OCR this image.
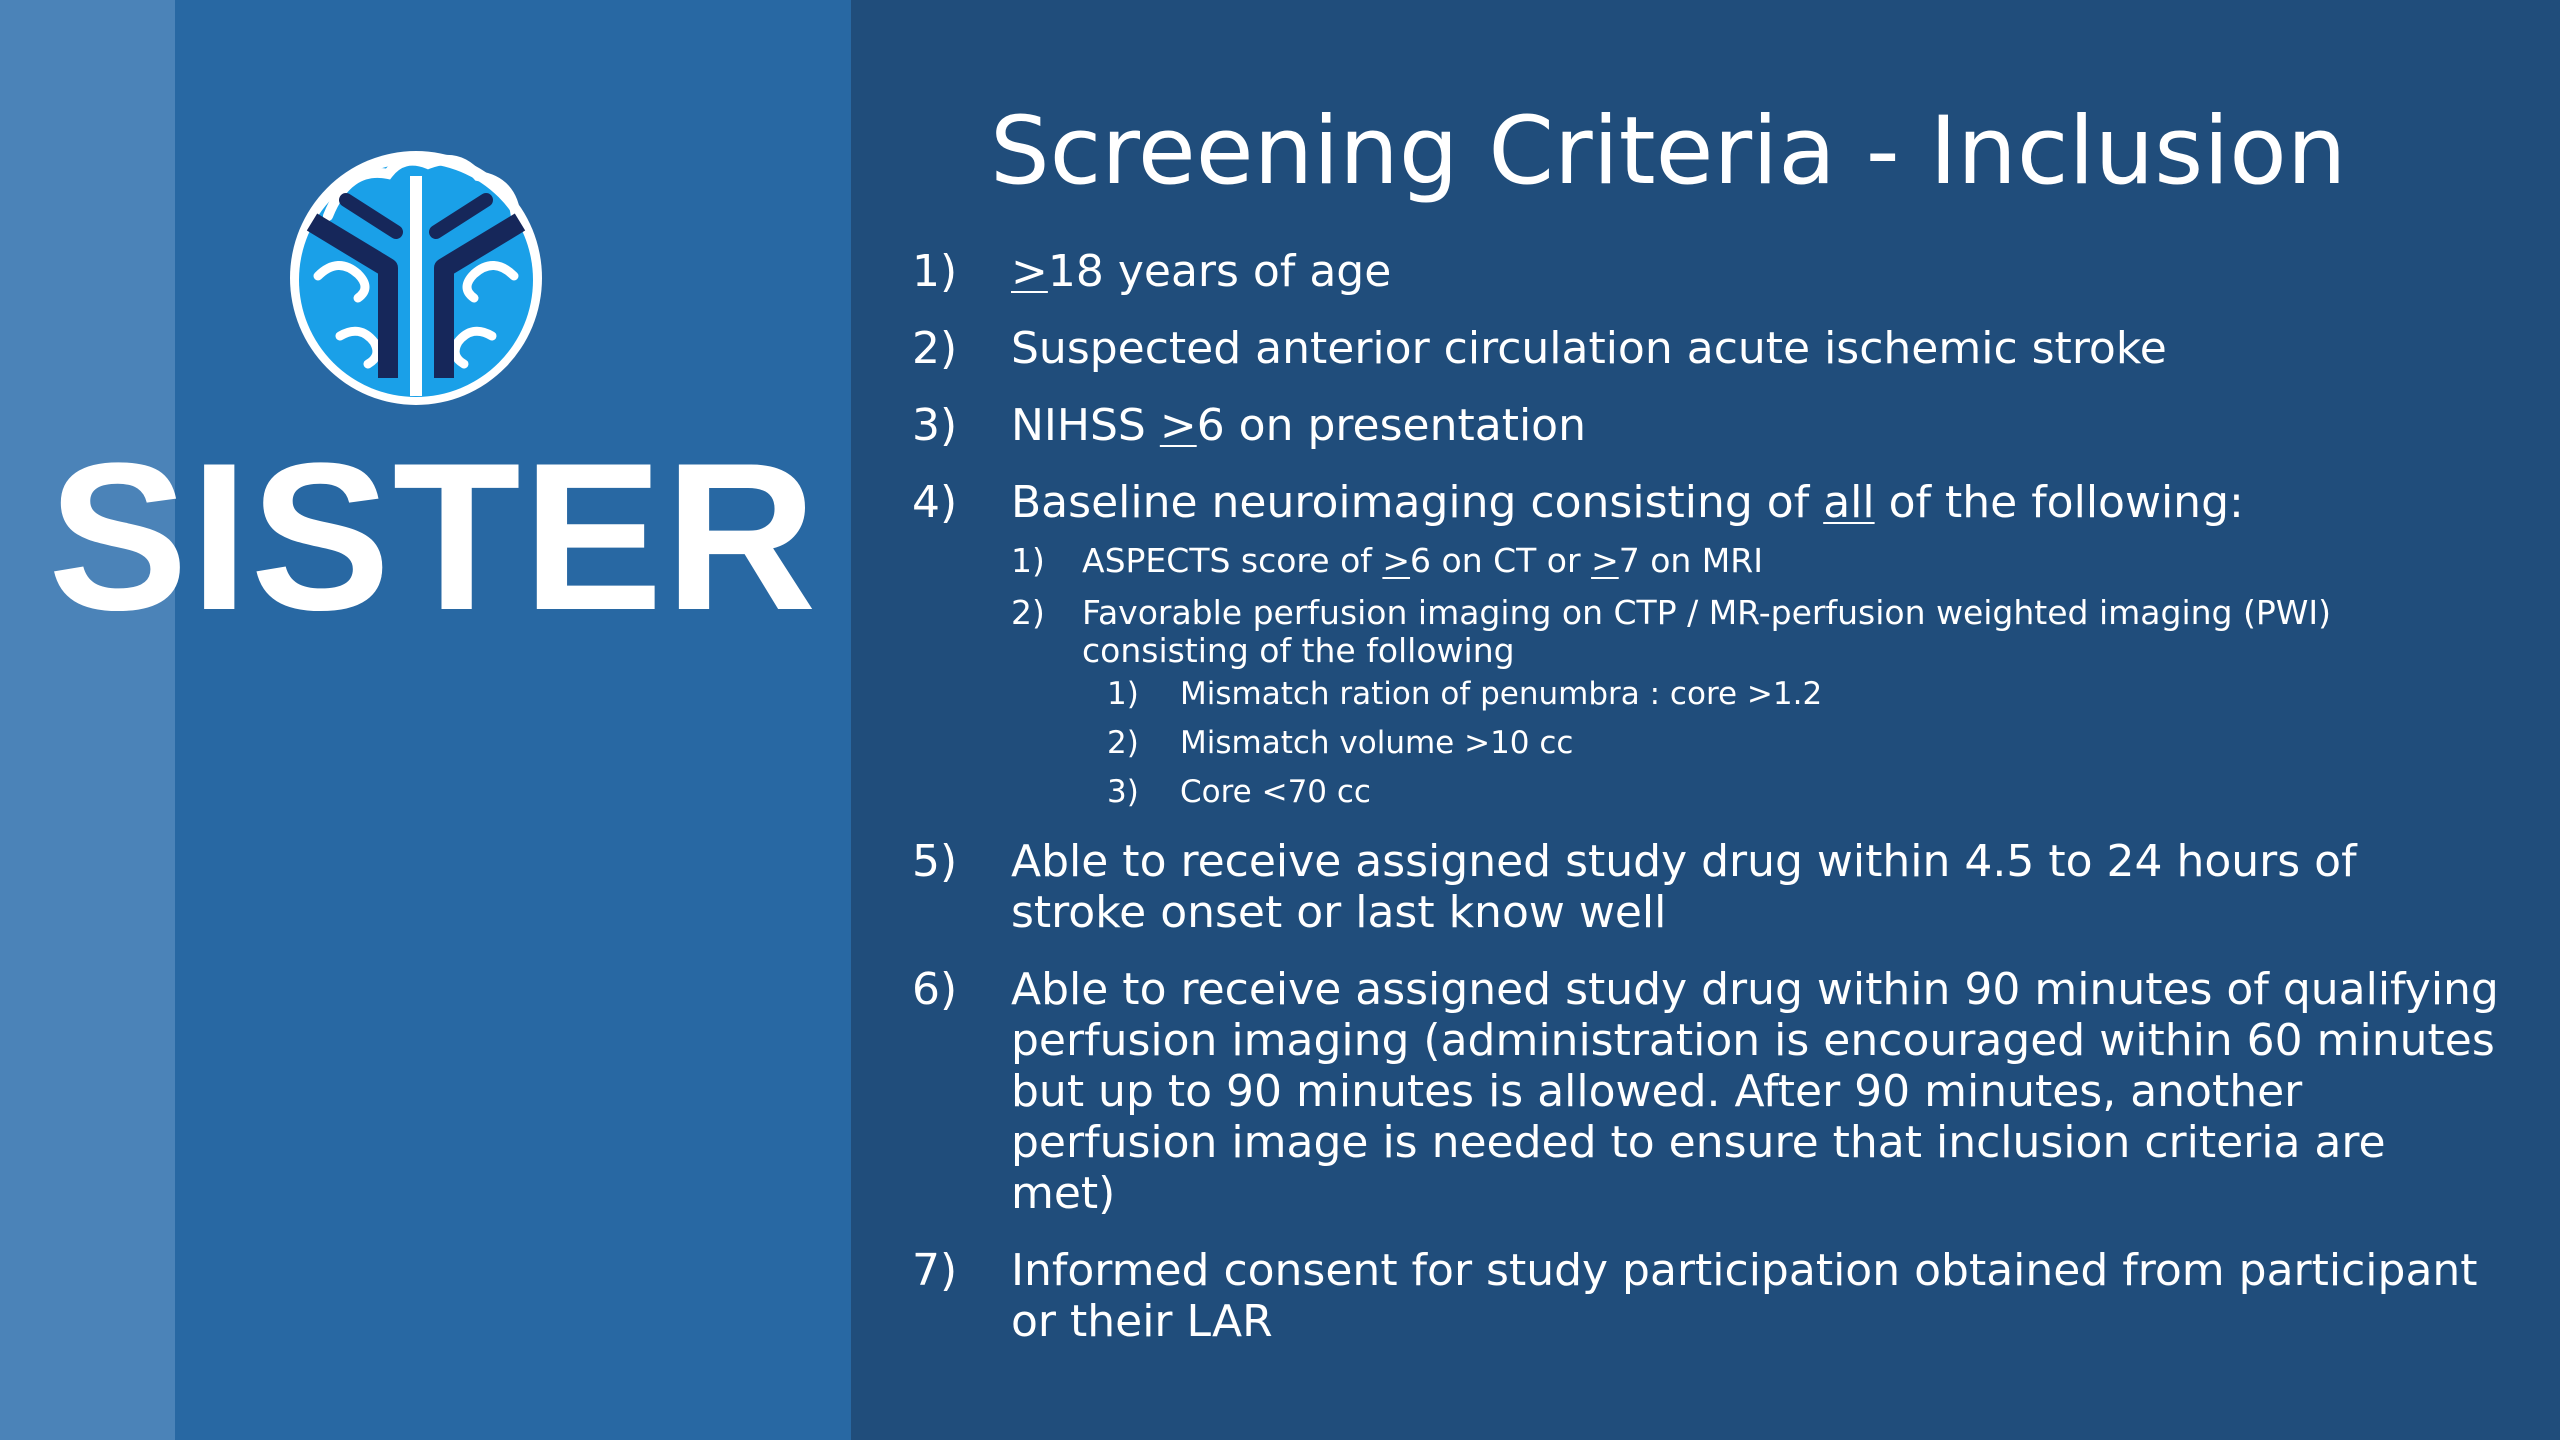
SISTER
Screening Criteria - Inclusion
1)	≥18 years of age
2)	Suspected anterior circulation acute ischemic stroke
3)	NIHSS ≥6 on presentation
4)	Baseline neuroimaging consisting of all of the following:
1)	ASPECTS score of ≥6 on CT or ≥7 on MRI
2)	Favorable perfusion imaging on CTP / MR-perfusion weighted imaging (PWI) consisting of the following
1)	Mismatch ration of penumbra : core >1.2
2)	Mismatch volume >10 cc
3)	Core <70 cc
5)	Able to receive assigned study drug within 4.5 to 24 hours of stroke onset or last know well
6)	Able to receive assigned study drug within 90 minutes of qualifying perfusion imaging (administration is encouraged within 60 minutes but up to 90 minutes is allowed. After 90 minutes, another perfusion image is needed to ensure that inclusion criteria are met)
7)	Informed consent for study participation obtained from participant or their LAR
